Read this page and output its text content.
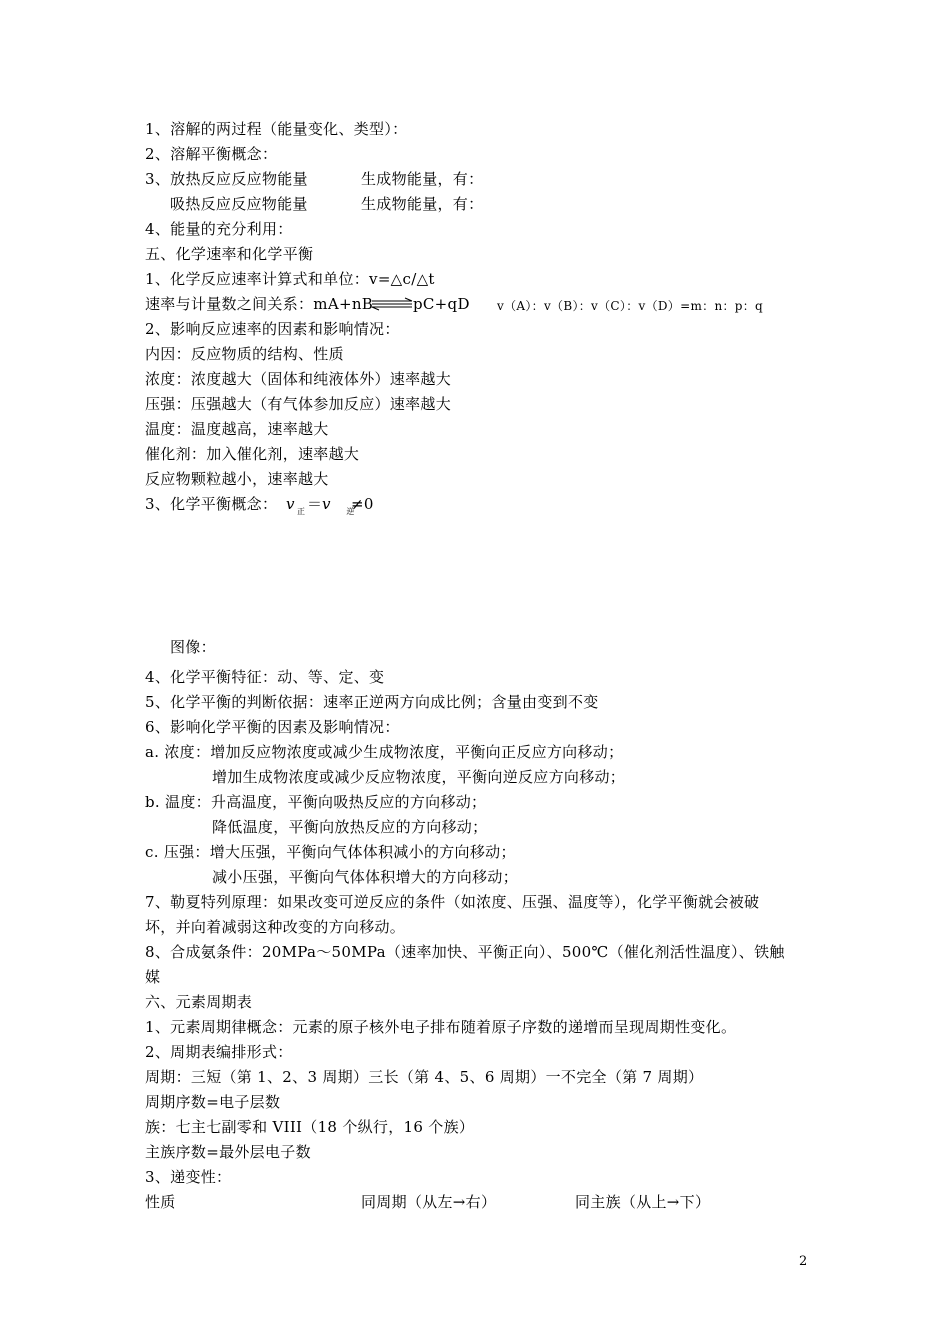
1、溶解的两过程（能量变化、类型）：
2、溶解平衡概念：
3、放热反应反应物能量	生成物能量，有：
吸热反应反应物能量	生成物能量，有：
4、能量的充分利用：
五、化学速率和化学平衡
1、化学反应速率计算式和单位：v=△c/△t
速率与计量数之间关系：mA+nB	pC+qD v（A）：v（B）：v（C）：v（D）=m：n：p：q
2、影响反应速率的因素和影响情况：
内因：反应物质的结构、性质
浓度：浓度越大（固体和纯液体外）速率越大
压强：压强越大（有气体参加反应）速率越大
温度：温度越高，速率越大
催化剂：加入催化剂，速率越大
反应物颗粒越小，速率越大
3、化学平衡概念： v $_正$ ＝ v $_逆$
≠0
图像：
4、化学平衡特征：动、等、定、变
5、化学平衡的判断依据：速率正逆两方向成比例；含量由变到不变
6、影响化学平衡的因素及影响情况：
a. 浓度：增加反应物浓度或减少生成物浓度，平衡向正反应方向移动；
增加生成物浓度或减少反应物浓度，平衡向逆反应方向移动；
b. 温度：升高温度，平衡向吸热反应的方向移动；
降低温度，平衡向放热反应的方向移动；
c. 压强：增大压强，平衡向气体体积减小的方向移动；
减小压强，平衡向气体体积增大的方向移动；
7、勒夏特列原理：如果改变可逆反应的条件（如浓度、压强、温度等），化学平衡就会被破
坏，并向着减弱这种改变的方向移动。
8、合成氨条件：20MPa～50MPa（速率加快、平衡正向）、500℃（催化剂活性温度）、铁触
媒
六、元素周期表
1、元素周期律概念：元素的原子核外电子排布随着原子序数的递增而呈现周期性变化。
2、周期表编排形式：
周期：三短（第 1、2、3 周期）三长（第 4、5、6 周期）一不完全（第 7 周期）
周期序数=电子层数
族：七主七副零和 VIII（18 个纵行，16 个族）
主族序数=最外层电子数
3、递变性：
性质	同周期（从左→右）	同主族（从上→下）
2
